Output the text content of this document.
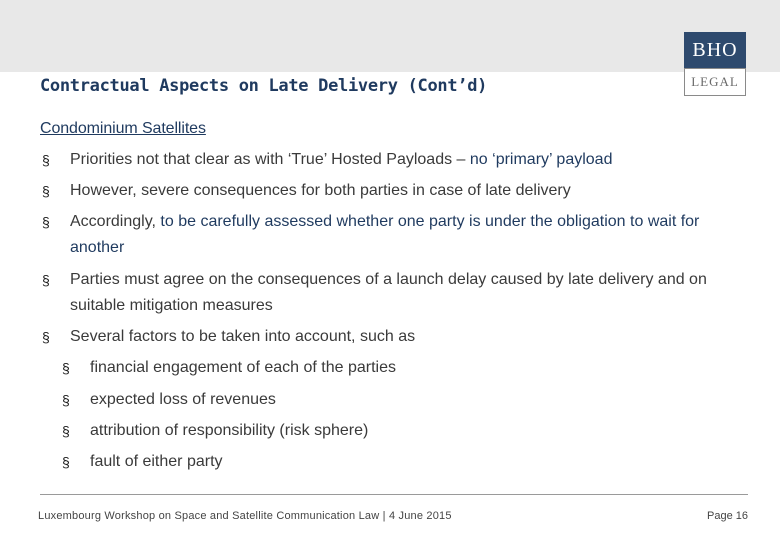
BHO
LEGAL
Contractual Aspects on Late Delivery (Cont’d)
Condominium Satellites
§	Priorities not that clear as with ‘True’ Hosted Payloads – no ‘primary’ payload
§	However, severe consequences for both parties in case of late delivery
§	Accordingly, to be carefully assessed whether one party is under the obligation to wait for another
§	Parties must agree on the consequences of a launch delay caused by late delivery and on suitable mitigation measures
§	Several factors to be taken into account, such as
§	financial engagement of each of the parties
§	expected loss of revenues
§	attribution of responsibility (risk sphere)
§	fault of either party
Luxembourg Workshop on Space and Satellite Communication Law | 4 June 2015	Page 16
